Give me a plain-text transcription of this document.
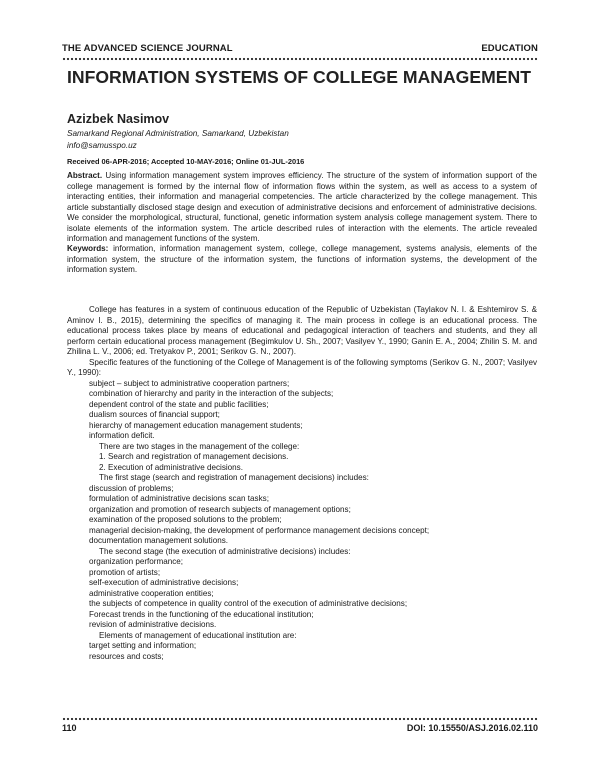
THE ADVANCED SCIENCE JOURNAL	EDUCATION
INFORMATION SYSTEMS OF COLLEGE MANAGEMENT
Azizbek Nasimov
Samarkand Regional Administration, Samarkand, Uzbekistan
info@samusspo.uz
Received 06-APR-2016; Accepted 10-MAY-2016; Online 01-JUL-2016
Abstract. Using information management system improves efficiency. The structure of the system of information support of the college management is formed by the internal flow of information flows within the system, as well as access to a system of interacting entities, their information and managerial competencies. The article characterized by the college management. This article substantially disclosed stage design and execution of administrative decisions and enforcement of administrative decisions. We consider the morphological, structural, functional, genetic information system analysis college management system. There to isolate elements of the information system. The article described rules of interaction with the elements. The article revealed information and management functions of the system.
Keywords: information, information management system, college, college management, systems analysis, elements of the information system, the structure of the information system, the functions of information systems, the development of the information system.

College has features in a system of continuous education of the Republic of Uzbekistan (Taylakov N. I. & Eshtemirov S. & Aminov I. B., 2015), determining the specifics of managing it. The main process in college is an educational process. The educational process takes place by means of educational and pedagogical interaction of teachers and students, and they all perform certain educational process management (Begimkulov U. Sh., 2007; Vasilyev Y., 1990; Ganin E. A., 2004; Zhilin S. M. and Zhilina L. V., 2006; ed. Tretyakov P., 2001; Serikov G. N., 2007).

Specific features of the functioning of the College of Management is of the following symptoms (Serikov G. N., 2007; Vasilyev Y., 1990):

subject – subject to administrative cooperation partners;
combination of hierarchy and parity in the interaction of the subjects;
dependent control of the state and public facilities;
dualism sources of financial support;
hierarchy of management education management students;
information deficit.
There are two stages in the management of the college:
1. Search and registration of management decisions.
2. Execution of administrative decisions.
The first stage (search and registration of management decisions) includes:
discussion of problems;
formulation of administrative decisions scan tasks;
organization and promotion of research subjects of management options;
examination of the proposed solutions to the problem;
managerial decision-making, the development of performance management decisions concept;
documentation management solutions.
The second stage (the execution of administrative decisions) includes:
organization performance;
promotion of artists;
self-execution of administrative decisions;
administrative cooperation entities;
the subjects of competence in quality control of the execution of administrative decisions;
Forecast trends in the functioning of the educational institution;
revision of administrative decisions.
Elements of management of educational institution are:
target setting and information;
resources and costs;
110	DOI: 10.15550/ASJ.2016.02.110
